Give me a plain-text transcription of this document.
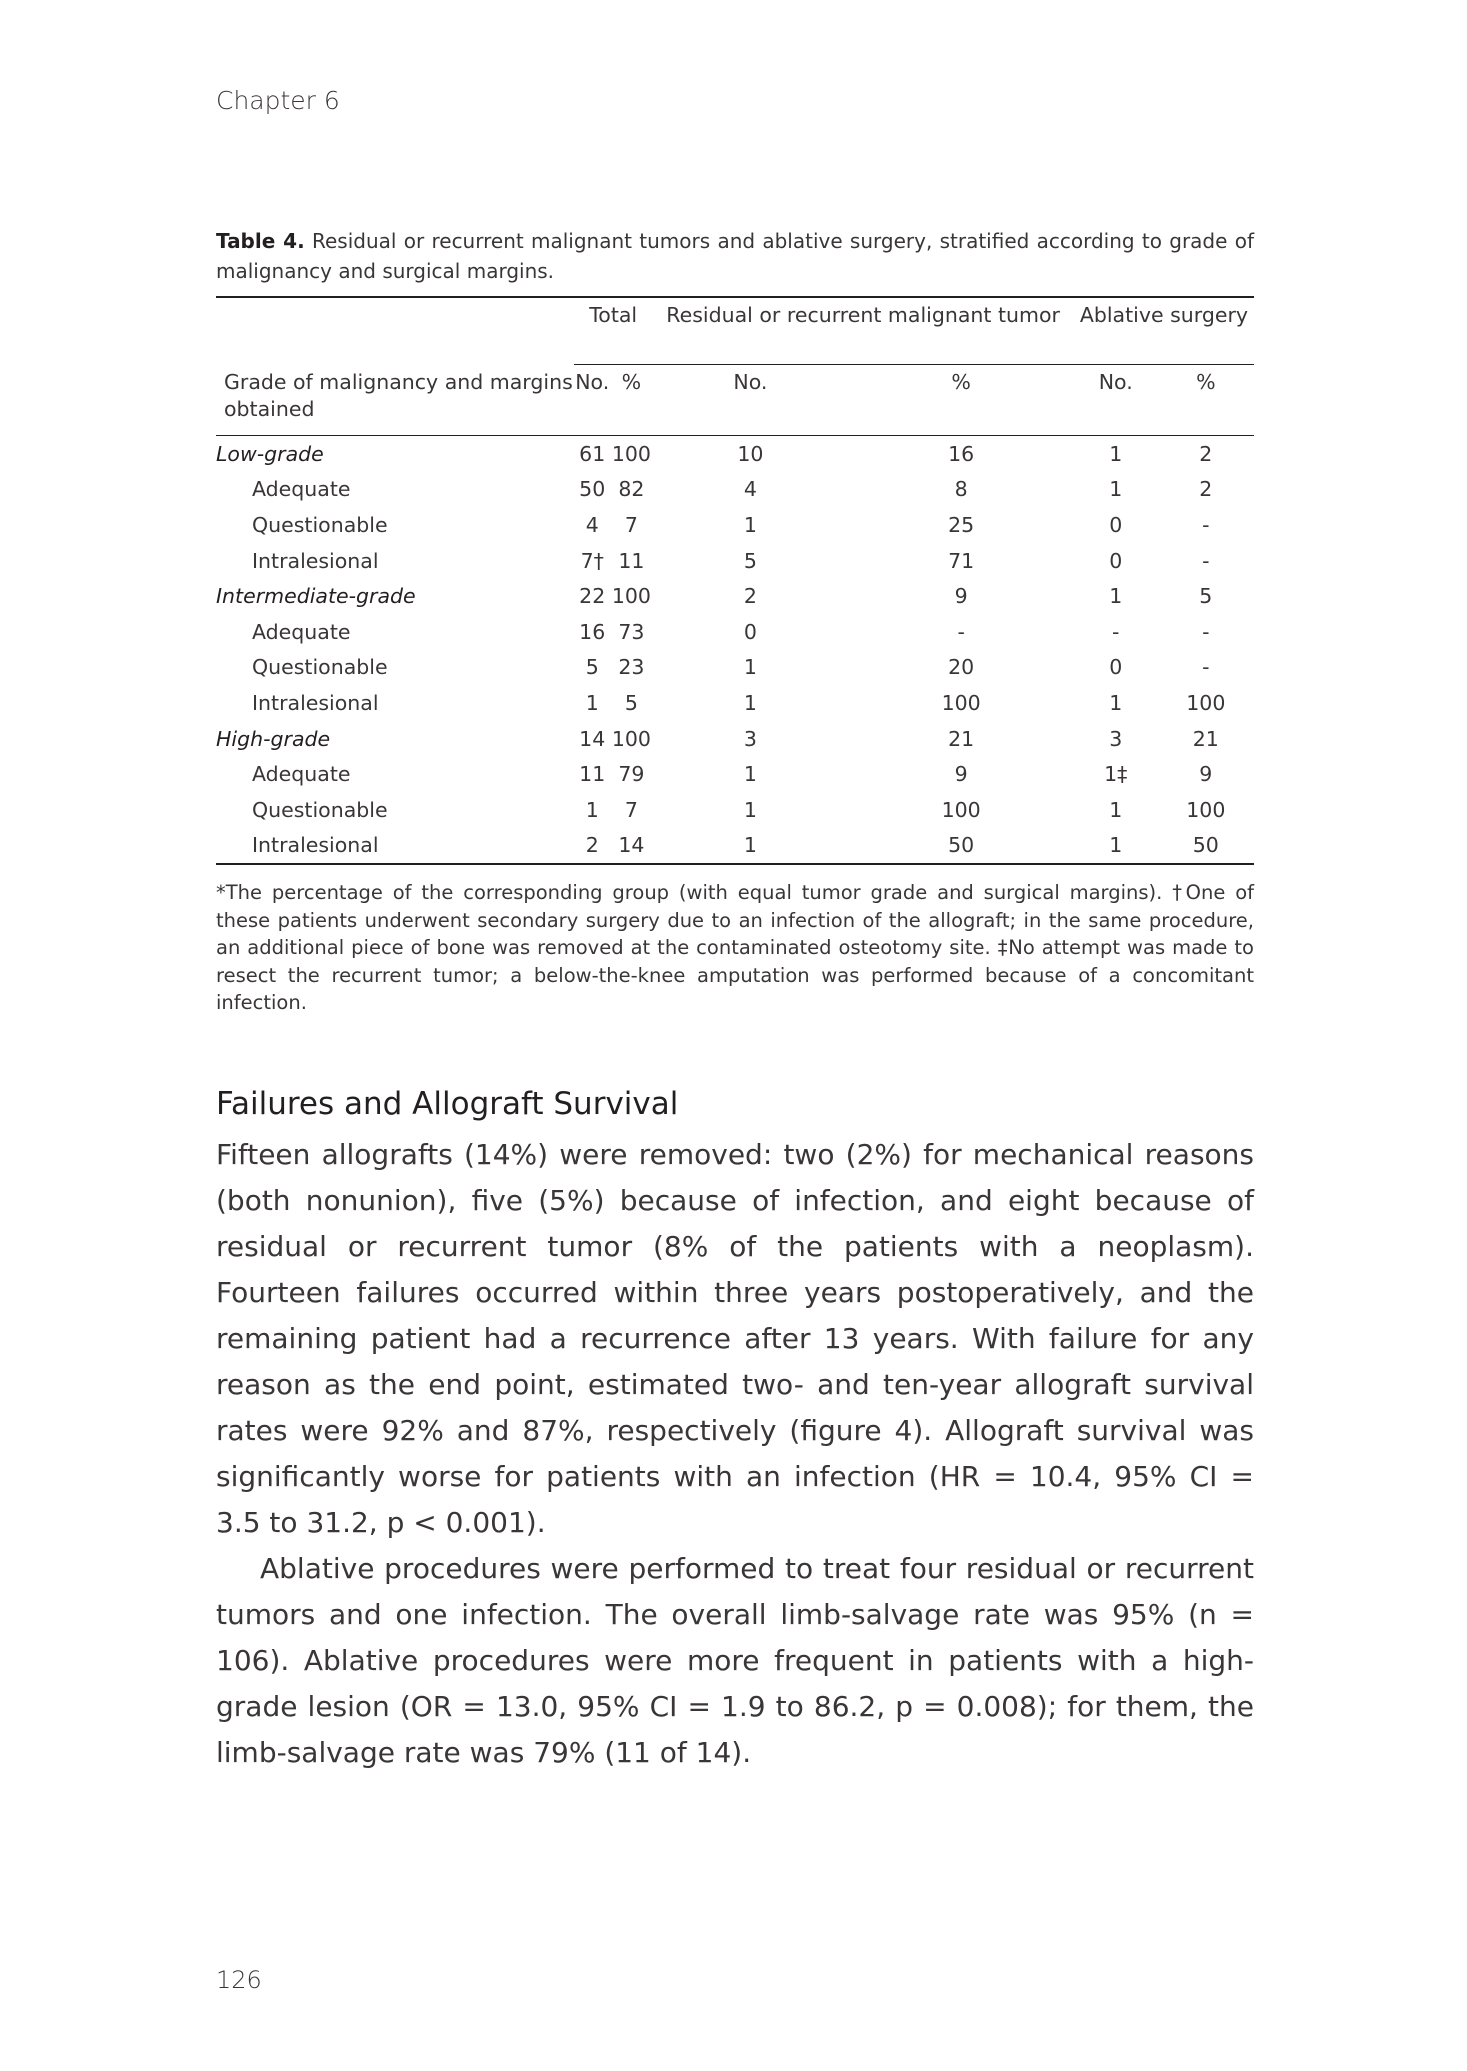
Chapter 6

Table 4. Residual or recurrent malignant tumors and ablative surgery, stratified according to grade of malignancy and surgical margins.

	Total		Residual or recurrent malignant tumor		Ablative surgery	
Grade of malignancy and margins obtained	No.	%	No.	%	No.	%
Low-grade	61	100	10	16	1	2
Adequate	50	82	4	8	1	2
Questionable	4	7	1	25	0	-
Intralesional	7†	11	5	71	0	-
Intermediate-grade	22	100	2	9	1	5
Adequate	16	73	0	-	-	-
Questionable	5	23	1	20	0	-
Intralesional	1	5	1	100	1	100
High-grade	14	100	3	21	3	21
Adequate	11	79	1	9	1‡	9
Questionable	1	7	1	100	1	100
Intralesional	2	14	1	50	1	50
*The percentage of the corresponding group (with equal tumor grade and surgical margins). †One of these patients underwent secondary surgery due to an infection of the allograft; in the same procedure, an additional piece of bone was removed at the contaminated osteotomy site. ‡No attempt was made to resect the recurrent tumor; a below-the-knee amputation was performed because of a concomitant infection.
Failures and Allograft Survival

Fifteen allografts (14%) were removed: two (2%) for mechanical reasons (both nonunion), five (5%) because of infection, and eight because of residual or recurrent tumor (8% of the patients with a neoplasm). Fourteen failures occurred within three years postoperatively, and the remaining patient had a recurrence after 13 years. With failure for any reason as the end point, estimated two- and ten-year allograft survival rates were 92% and 87%, respectively (figure 4). Allograft survival was significantly worse for patients with an infection (HR = 10.4, 95% CI = 3.5 to 31.2, p < 0.001).

Ablative procedures were performed to treat four residual or recurrent tumors and one infection. The overall limb-salvage rate was 95% (n = 106). Ablative procedures were more frequent in patients with a high-grade lesion (OR = 13.0, 95% CI = 1.9 to 86.2, p = 0.008); for them, the limb-salvage rate was 79% (11 of 14).

126
